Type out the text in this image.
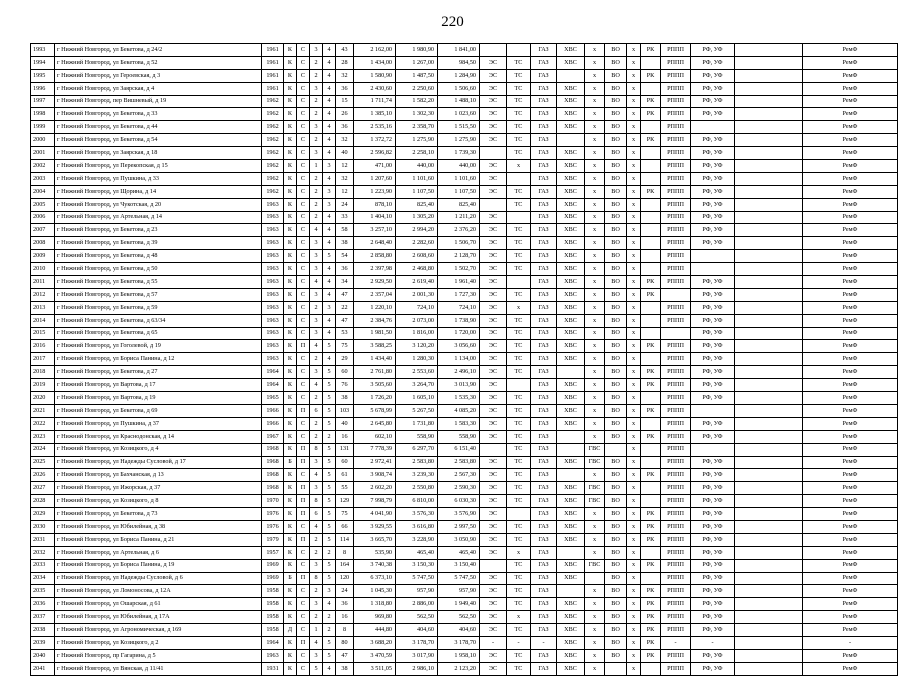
220
1993	г Нижний Новгород, ул Бекетова, д 24/2	1961	К	С	3	4	43	2 162,00	1 980,90	1 841,00			ГАЗ	ХВС	х	ВО	х	РК	РППП	РФ, УФ		РемФ
1994	г Нижний Новгород, ул Бекетова, д 52	1961	К	С	2	4	28	1 434,00	1 267,00	984,50	ЭС	ТС	ГАЗ	ХВС	х	ВО	х		РППП	РФ, УФ		РемФ
1995	г Нижний Новгород, ул Героевская, д 3	1961	К	С	2	4	32	1 580,90	1 487,50	1 284,90	ЭС	ТС	ГАЗ		х	ВО	х	РК	РППП	РФ, УФ		РемФ
1996	г Нижний Новгород, ул Заярская, д 4	1961	К	С	3	4	36	2 430,60	2 250,60	1 506,60	ЭС	ТС	ГАЗ	ХВС	х	ВО	х		РППП	РФ, УФ		РемФ
1997	г Нижний Новгород, пер Вишневый, д 19	1962	К	С	2	4	15	1 711,74	1 582,20	1 488,10	ЭС	ТС	ГАЗ	ХВС	х	ВО	х	РК	РППП	РФ, УФ		РемФ
1998	г Нижний Новгород, ул Бекетова, д 33	1962	К	С	2	4	26	1 385,10	1 302,30	1 023,60	ЭС	ТС	ГАЗ	ХВС	х	ВО	х	РК	РППП	РФ, УФ		РемФ
1999	г Нижний Новгород, ул Бекетова, д 44	1962	К	С	3	4	36	2 535,16	2 358,70	1 515,50	ЭС	ТС	ГАЗ	ХВС	х	ВО	х		РППП			РемФ
2000	г Нижний Новгород, ул Бекетова, д 54	1962	К	С	2	4	32	1 372,72	1 275,90	1 275,90	ЭС	ТС	ГАЗ		х	ВО	х	РК	РППП	РФ, УФ		РемФ
2001	г Нижний Новгород, ул Заярская, д 18	1962	К	С	3	4	40	2 596,82	2 258,10	1 739,30		ТС	ГАЗ	ХВС	х	ВО	х		РППП	РФ, УФ		РемФ
2002	г Нижний Новгород, ул Перекопская, д 15	1962	К	С	1	3	12	471,00	440,00	440,00	ЭС	х	ГАЗ	ХВС	х	ВО	х		РППП	РФ, УФ		РемФ
2003	г Нижний Новгород, ул Пушкина, д 33	1962	К	С	2	4	32	1 207,60	1 101,60	1 101,60	ЭС		ГАЗ	ХВС	х	ВО	х		РППП	РФ, УФ		РемФ
2004	г Нижний Новгород, ул Щорина, д 14	1962	К	С	2	3	12	1 223,90	1 107,50	1 107,50	ЭС	ТС	ГАЗ	ХВС	х	ВО	х	РК	РППП	РФ, УФ		РемФ
2005	г Нижний Новгород, ул Чукотская, д 20	1963	К	С	2	3	24	878,10	825,40	825,40		ТС	ГАЗ	ХВС	х	ВО	х		РППП	РФ, УФ		РемФ
2006	г Нижний Новгород, ул Артельная, д 14	1963	К	С	2	4	33	1 404,10	1 305,20	1 211,20	ЭС		ГАЗ	ХВС	х	ВО	х		РППП	РФ, УФ		РемФ
2007	г Нижний Новгород, ул Бекетова, д 23	1963	К	С	4	4	58	3 257,10	2 994,20	2 376,20	ЭС	ТС	ГАЗ	ХВС	х	ВО	х		РППП	РФ, УФ		РемФ
2008	г Нижний Новгород, ул Бекетова, д 39	1963	К	С	3	4	38	2 648,40	2 282,60	1 506,70	ЭС	ТС	ГАЗ	ХВС	х	ВО	х		РППП	РФ, УФ		РемФ
2009	г Нижний Новгород, ул Бекетова, д 48	1963	К	С	3	5	54	2 858,80	2 608,60	2 128,70	ЭС	ТС	ГАЗ	ХВС	х	ВО	х		РППП			РемФ
2010	г Нижний Новгород, ул Бекетова, д 50	1963	К	С	3	4	36	2 397,98	2 468,80	1 502,70	ЭС	ТС	ГАЗ	ХВС	х	ВО	х		РППП			РемФ
2011	г Нижний Новгород, ул Бекетова, д 55	1963	К	С	4	4	34	2 929,50	2 619,40	1 961,40	ЭС		ГАЗ	ХВС	х	ВО	х	РК	РППП	РФ, УФ		РемФ
2012	г Нижний Новгород, ул Бекетова, д 57	1963	К	С	3	4	47	2 357,04	2 001,30	1 727,30	ЭС	ТС	ГАЗ	ХВС	х	ВО	х	РК		РФ, УФ		РемФ
2013	г Нижний Новгород, ул Бекетова, д 59	1963	К	С	2	3	22	1 220,10	724,10	724,10	ЭС	х	ГАЗ	ХВС	х	ВО	х		РППП	РФ, УФ		РемФ
2014	г Нижний Новгород, ул Бекетова, д 63/34	1963	К	С	3	4	47	2 384,76	2 073,00	1 738,90	ЭС	ТС	ГАЗ	ХВС	х	ВО	х		РППП	РФ, УФ		РемФ
2015	г Нижний Новгород, ул Бекетова, д 65	1963	К	С	3	4	53	1 981,50	1 816,00	1 720,00	ЭС	ТС	ГАЗ	ХВС	х	ВО	х			РФ, УФ		РемФ
2016	г Нижний Новгород, ул Гоголевой, д 19	1963	К	П	4	5	75	3 588,25	3 120,20	3 056,60	ЭС	ТС	ГАЗ	ХВС	х	ВО	х	РК	РППП	РФ, УФ		РемФ
2017	г Нижний Новгород, ул Бориса Панина, д 12	1963	К	С	2	4	29	1 434,40	1 280,30	1 134,00	ЭС	ТС	ГАЗ	ХВС	х	ВО	х		РППП	РФ, УФ		РемФ
2018	г Нижний Новгород, ул Бекетова, д 27	1964	К	С	3	5	60	2 761,80	2 553,60	2 496,10	ЭС	ТС	ГАЗ		х	ВО	х	РК	РППП	РФ, УФ		РемФ
2019	г Нижний Новгород, ул Вартова, д 17	1964	К	С	4	5	76	3 505,60	3 264,70	3 013,90	ЭС		ГАЗ	ХВС	х	ВО	х	РК	РППП	РФ, УФ		РемФ
2020	г Нижний Новгород, ул Вартова, д 19	1965	К	С	2	5	38	1 726,20	1 605,10	1 535,30	ЭС	ТС	ГАЗ	ХВС	х	ВО	х		РППП	РФ, УФ		РемФ
2021	г Нижний Новгород, ул Бекетова, д 69	1966	К	П	6	5	103	5 678,99	5 267,50	4 085,20	ЭС	ТС	ГАЗ	ХВС	х	ВО	х	РК	РППП			РемФ
2022	г Нижний Новгород, ул Пушкина, д 37	1966	К	С	2	5	40	2 645,80	1 731,80	1 583,30	ЭС	ТС	ГАЗ	ХВС	х	ВО	х		РППП	РФ, УФ		РемФ
2023	г Нижний Новгород, ул Краснодонская, д 14	1967	К	С	2	2	16	602,10	558,90	558,90	ЭС	ТС	ГАЗ		х	ВО	х	РК	РППП	РФ, УФ		РемФ
2024	г Нижний Новгород, ул Козицкого, д 4	1968	К	П	8	5	131	7 778,39	6 297,70	6 151,40		ТС	ГАЗ		ГВС		х		РППП			РемФ
2025	г Нижний Новгород, ул Надежды Сусловой, д 17	1968	Б	П	3	5	60	2 972,41	2 583,80	2 583,80	ЭС	ТС	ГАЗ	ХВС	ГВС	ВО	х		РППП	РФ, УФ		РемФ
2026	г Нижний Новгород, ул Бахчанская, д 13	1968	К	С	4	5	61	3 908,74	3 239,30	2 567,30	ЭС	ТС	ГАЗ		х	ВО	х	РК	РППП	РФ, УФ		РемФ
2027	г Нижний Новгород, ул Ижорская, д 37	1968	К	П	3	5	55	2 602,20	2 550,80	2 590,30	ЭС	ТС	ГАЗ	ХВС	ГВС	ВО	х		РППП	РФ, УФ		РемФ
2028	г Нижний Новгород, ул Козицкого, д 8	1970	К	П	8	5	129	7 998,79	6 810,00	6 030,30	ЭС	ТС	ГАЗ	ХВС	ГВС	ВО	х		РППП	РФ, УФ		РемФ
2029	г Нижний Новгород, ул Бекетова, д 73	1976	К	П	6	5	75	4 041,90	3 576,30	3 576,90	ЭС		ГАЗ	ХВС	х	ВО	х	РК	РППП	РФ, УФ		РемФ
2030	г Нижний Новгород, ул Юбилейная, д 38	1976	К	С	4	5	66	3 929,55	3 616,80	2 997,50	ЭС	ТС	ГАЗ	ХВС	х	ВО	х	РК	РППП	РФ, УФ		РемФ
2031	г Нижний Новгород, ул Бориса Панина, д 21	1979	К	П	2	5	114	3 665,70	3 228,90	3 050,90	ЭС	ТС	ГАЗ	ХВС	х	ВО	х	РК	РППП	РФ, УФ		РемФ
2032	г Нижний Новгород, ул Артельная, д 6	1957	К	С	2	2	8	535,90	465,40	465,40	ЭС	х	ГАЗ		х	ВО	х		РППП	РФ, УФ		РемФ
2033	г Нижний Новгород, ул Бориса Панина, д 19	1969	К	С	3	5	164	3 740,38	3 150,30	3 150,40		ТС	ГАЗ	ХВС	ГВС	ВО	х	РК	РППП	РФ, УФ		РемФ
2034	г Нижний Новгород, ул Надежды Сусловой, д 6	1969	Б	П	8	5	120	6 373,10	5 747,50	5 747,50	ЭС	ТС	ГАЗ	ХВС		ВО	х		РППП	РФ, УФ		РемФ
2035	г Нижний Новгород, ул Ломоносова, д 12А	1958	К	С	2	3	24	1 045,30	957,90	957,90	ЭС	ТС	ГАЗ		х	ВО	х	РК	РППП	РФ, УФ		РемФ
2036	г Нижний Новгород, ул Ошарская, д 61	1958	К	С	3	4	36	1 318,80	2 886,00	1 949,40	ЭС	ТС	ГАЗ	ХВС	х	ВО	х	РК	РППП	РФ, УФ		РемФ
2037	г Нижний Новгород, ул Юбилейная, д 17А	1958	К	С	2	2	16	969,80	562,50	562,50	ЭС	х	ГАЗ	ХВС	х	ВО	х	РК	РППП	РФ, УФ		РемФ
2038	г Нижний Новгород, ул Агрономическая, д 169	1958	Д	С	1	2	8	444,80	404,60	404,60	ЭС	ТС	ГАЗ	ХВС	х	ВО	х	РК	РППП	РФ, УФ		РемФ
2039	г Нижний Новгород, ул Козицкого, д 2	1964	К	П	4	5	80	3 688,20	3 178,70	3 178,70	-	-	-	ХВС	х	ВО	х	РК	-	-		-
2040	г Нижний Новгород, пр Гагарина, д 5	1963	К	С	3	5	47	3 470,59	3 017,90	1 958,10	ЭС	ТС	ГАЗ	ХВС	х	ВО	х	РК	РППП	РФ, УФ		РемФ
2041	г Нижний Новгород, ул Вянская, д 11/41	1931	К	С	5	4	38	3 511,05	2 986,10	2 123,20	ЭС	ТС	ГАЗ	ХВС	х		х		РППП	РФ, УФ		РемФ
